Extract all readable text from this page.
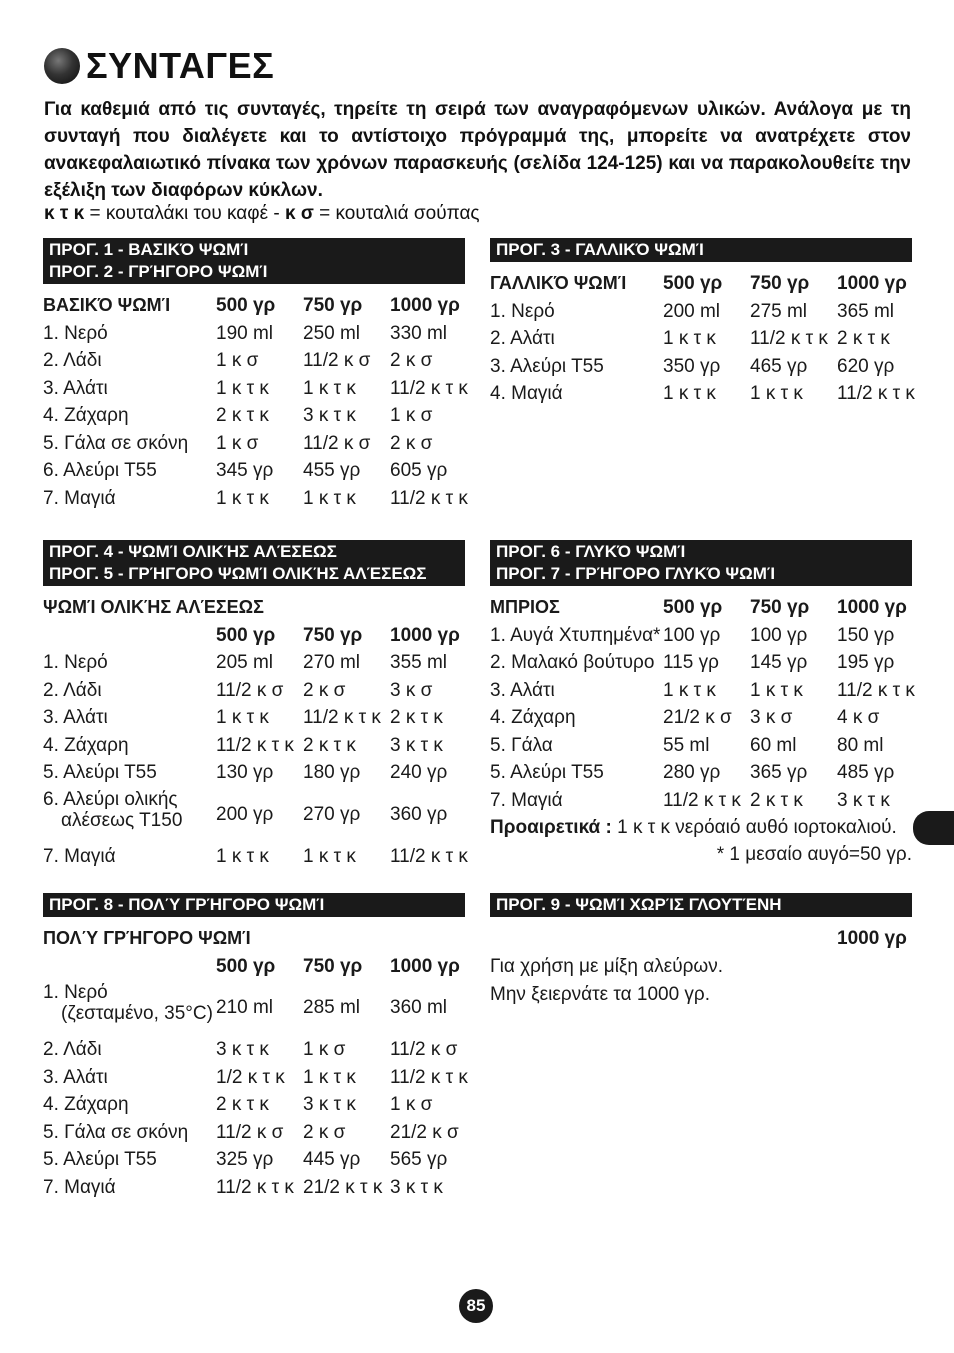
ΣΥΝΤΑΓΕΣ
Για καθεμιά από τις συνταγές, τηρείτε τη σειρά των αναγραφόμενων υλικών. Ανάλογα με τη συνταγή που διαλέγετε και το αντίστοιχο πρόγραμμά της, μπορείτε να ανατρέχετε στον ανακεφαλαιωτικό πίνακα των χρόνων παρασκευής (σελίδα 124-125) και να παρακολουθείτε την εξέλιξη των διαφόρων κύκλων.
κ τ κ = κουταλάκι του καφέ - κ σ = κουταλιά σούπας
ΠΡΟΓ. 1 - ΒΑΣΙΚΌ ΨΩΜΊ
ΠΡΟΓ. 2 - ΓΡΉΓΟΡΟ ΨΩΜΊ
ΒΑΣΙΚΌ ΨΩΜΊ 500 γρ 750 γρ 1000 γρ
1. Νερό	190 ml 250 ml 330 ml
2. Λάδι	1 κ σ 11/2 κ σ 2 κ σ
3. Αλάτι	1 κ τ κ 1 κ τ κ 11/2 κ τ κ
4. Ζάχαρη	2 κ τ κ 3 κ τ κ 1 κ σ
5. Γάλα σε σκόνη 1 κ σ 11/2 κ σ 2 κ σ
6. Αλεύρι Τ55	345 γρ 455 γρ 605 γρ
7. Μαγιά	1 κ τ κ 1 κ τ κ 11/2 κ τ κ
ΠΡΟΓ. 3 - ΓΑΛΛΙΚΌ ΨΩΜΊ
ΓΑΛΛΙΚΌ ΨΩΜΊ 500 γρ 750 γρ 1000 γρ
1. Νερό	200 ml 275 ml 365 ml
2. Αλάτι	1 κ τ κ 11/2 κ τ κ 2 κ τ κ
3. Αλεύρι Τ55	350 γρ 465 γρ 620 γρ
4. Μαγιά	1 κ τ κ 1 κ τ κ 11/2 κ τ κ
ΠΡΟΓ. 4 - ΨΩΜΊ ΟΛΙΚΉΣ ΑΛΈΣΕΩΣ
ΠΡΟΓ. 5 - ΓΡΉΓΟΡΟ ΨΩΜΊ ΟΛΙΚΉΣ ΑΛΈΣΕΩΣ
ΨΩΜΊ ΟΛΙΚΉΣ ΑΛΈΣΕΩΣ
500 γρ 750 γρ 1000 γρ
1. Νερό	205 ml 270 ml 355 ml
2. Λάδι	11/2 κ σ 2 κ σ 3 κ σ
3. Αλάτι	1 κ τ κ 11/2 κ τ κ 2 κ τ κ
4. Ζάχαρη	11/2 κ τ κ 2 κ τ κ 3 κ τ κ
5. Αλεύρι Τ55	130 γρ 180 γρ 240 γρ
6. Αλεύρι ολικής

αλέσεως Τ150 200 γρ 270 γρ 360 γρ
7. Μαγιά	1 κ τ κ 1 κ τ κ 11/2 κ τ κ
ΠΡΟΓ. 6 - ΓΛΥΚΌ ΨΩΜΊ
ΠΡΟΓ. 7 - ΓΡΉΓΟΡΟ ΓΛΥΚΌ ΨΩΜΊ
ΜΠΡΙΟΣ	500 γρ 750 γρ 1000 γρ
1. Αυγά Χτυπημένα* 100 γρ 100 γρ 150 γρ
2. Μαλακό βούτυρο 115 γρ 145 γρ 195 γρ
3. Αλάτι	1 κ τ κ 1 κ τ κ 11/2 κ τ κ
4. Ζάχαρη	21/2 κ σ 3 κ σ 4 κ σ
5. Γάλα	55 ml 60 ml 80 ml
5. Αλεύρι Τ55	280 γρ 365 γρ 485 γρ
7. Μαγιά	11/2 κ τ κ 2 κ τ κ 3 κ τ κ
Προαιρετικά : 1 κ τ κ νερόαιό αυθό ιορτοκαλιού.
* 1 μεσαίο αυγό=50 γρ.
ΠΡΟΓ. 8 - ΠΟΛΎ ΓΡΉΓΟΡΟ ΨΩΜΊ
ΠΟΛΎ ΓΡΉΓΟΡΟ ΨΩΜΊ
500 γρ 750 γρ 1000 γρ
1. Νερό

(ζεσταμένο, 35°C) 210 ml 285 ml 360 ml
2. Λάδι	3 κ τ κ 1 κ σ 11/2 κ σ
3. Αλάτι	1/2 κ τ κ 1 κ τ κ 11/2 κ τ κ
4. Ζάχαρη	2 κ τ κ 3 κ τ κ 1 κ σ
5. Γάλα σε σκόνη 11/2 κ σ 2 κ σ 21/2 κ σ
5. Αλεύρι Τ55	325 γρ 445 γρ 565 γρ
7. Μαγιά	11/2 κ τ κ 21/2 κ τ κ 3 κ τ κ
ΠΡΟΓ. 9 - ΨΩΜΊ ΧΩΡΊΣ ΓΛΟΥΤΈΝΗ
1000 γρ
Για χρήση με μίξη αλεύρων.
Μην ξειερνάτε τα 1000 γρ.
85
